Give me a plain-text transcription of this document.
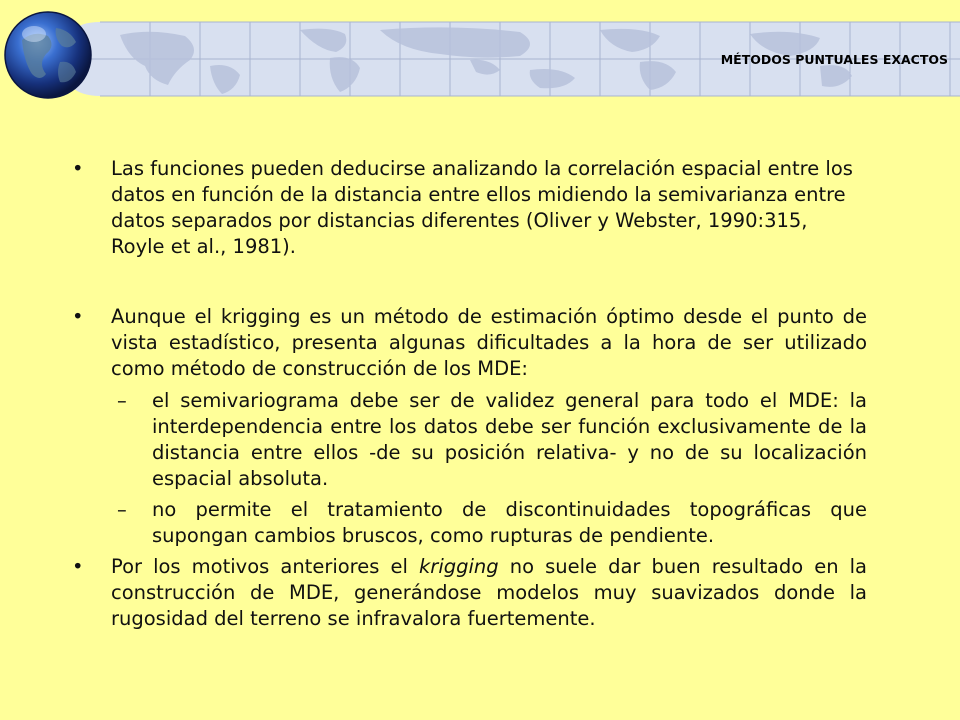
MÉTODOS PUNTUALES EXACTOS
•	Las funciones pueden deducirse analizando la correlación espacial entre los datos en función de la distancia entre ellos midiendo la semivarianza entre datos separados por distancias diferentes (Oliver y Webster, 1990:315, Royle et al., 1981).
•	Aunque el krigging es un método de estimación óptimo desde el punto de vista estadístico, presenta algunas dificultades a la hora de ser utilizado como método de construcción de los MDE:
– el semivariograma debe ser de validez general para todo el MDE: la interdependencia entre los datos debe ser función exclusivamente de la distancia entre ellos -de su posición relativa- y no de su localización espacial absoluta.
– no permite el tratamiento de discontinuidades topográficas que supongan cambios bruscos, como rupturas de pendiente.
•	Por los motivos anteriores el krigging no suele dar buen resultado en la construcción de MDE, generándose modelos muy suavizados donde la rugosidad del terreno se infravalora fuertemente.
